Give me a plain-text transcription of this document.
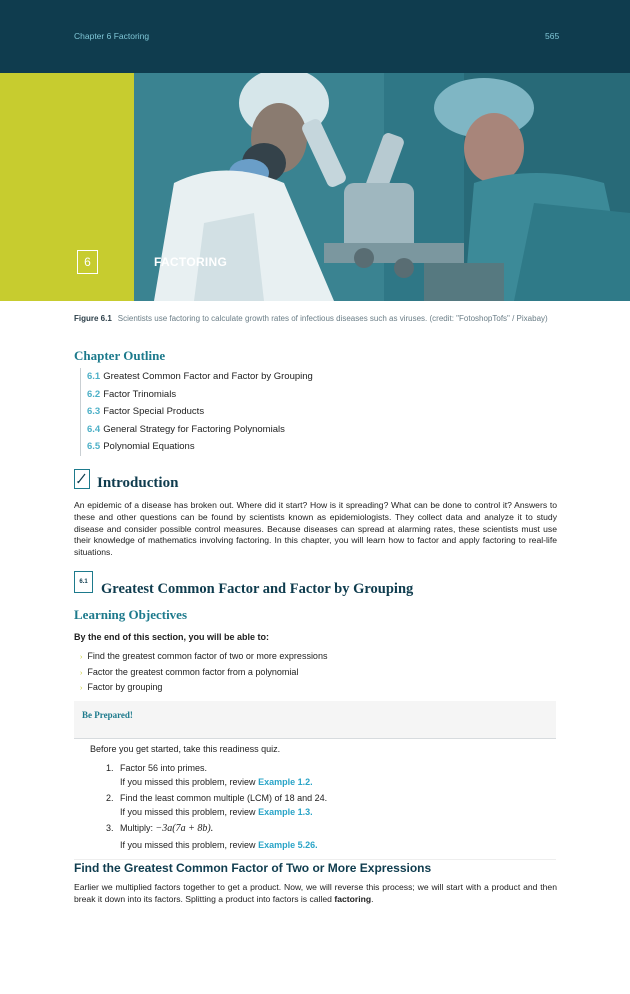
Chapter 6 Factoring	565
6	FACTORING
Figure 6.1 Scientists use factoring to calculate growth rates of infectious diseases such as viruses. (credit: "FotoshopTofs" / Pixabay)
Chapter Outline
6.1 Greatest Common Factor and Factor by Grouping
6.2 Factor Trinomials
6.3 Factor Special Products
6.4 General Strategy for Factoring Polynomials
6.5 Polynomial Equations
Introduction
An epidemic of a disease has broken out. Where did it start? How is it spreading? What can be done to control it? Answers to these and other questions can be found by scientists known as epidemiologists. They collect data and analyze it to study disease and consider possible control measures. Because diseases can spread at alarming rates, these scientists must use their knowledge of mathematics involving factoring. In this chapter, you will learn how to factor and apply factoring to real-life situations.
6.1 Greatest Common Factor and Factor by Grouping
Learning Objectives
By the end of this section, you will be able to:
› Find the greatest common factor of two or more expressions
› Factor the greatest common factor from a polynomial
› Factor by grouping
Be Prepared!
Before you get started, take this readiness quiz.
1. Factor 56 into primes.
If you missed this problem, review Example 1.2.
2. Find the least common multiple (LCM) of 18 and 24.
If you missed this problem, review Example 1.3.
3. Multiply: −3a(7a + 8b).
If you missed this problem, review Example 5.26.
Find the Greatest Common Factor of Two or More Expressions
Earlier we multiplied factors together to get a product. Now, we will reverse this process; we will start with a product and then break it down into its factors. Splitting a product into factors is called factoring.
